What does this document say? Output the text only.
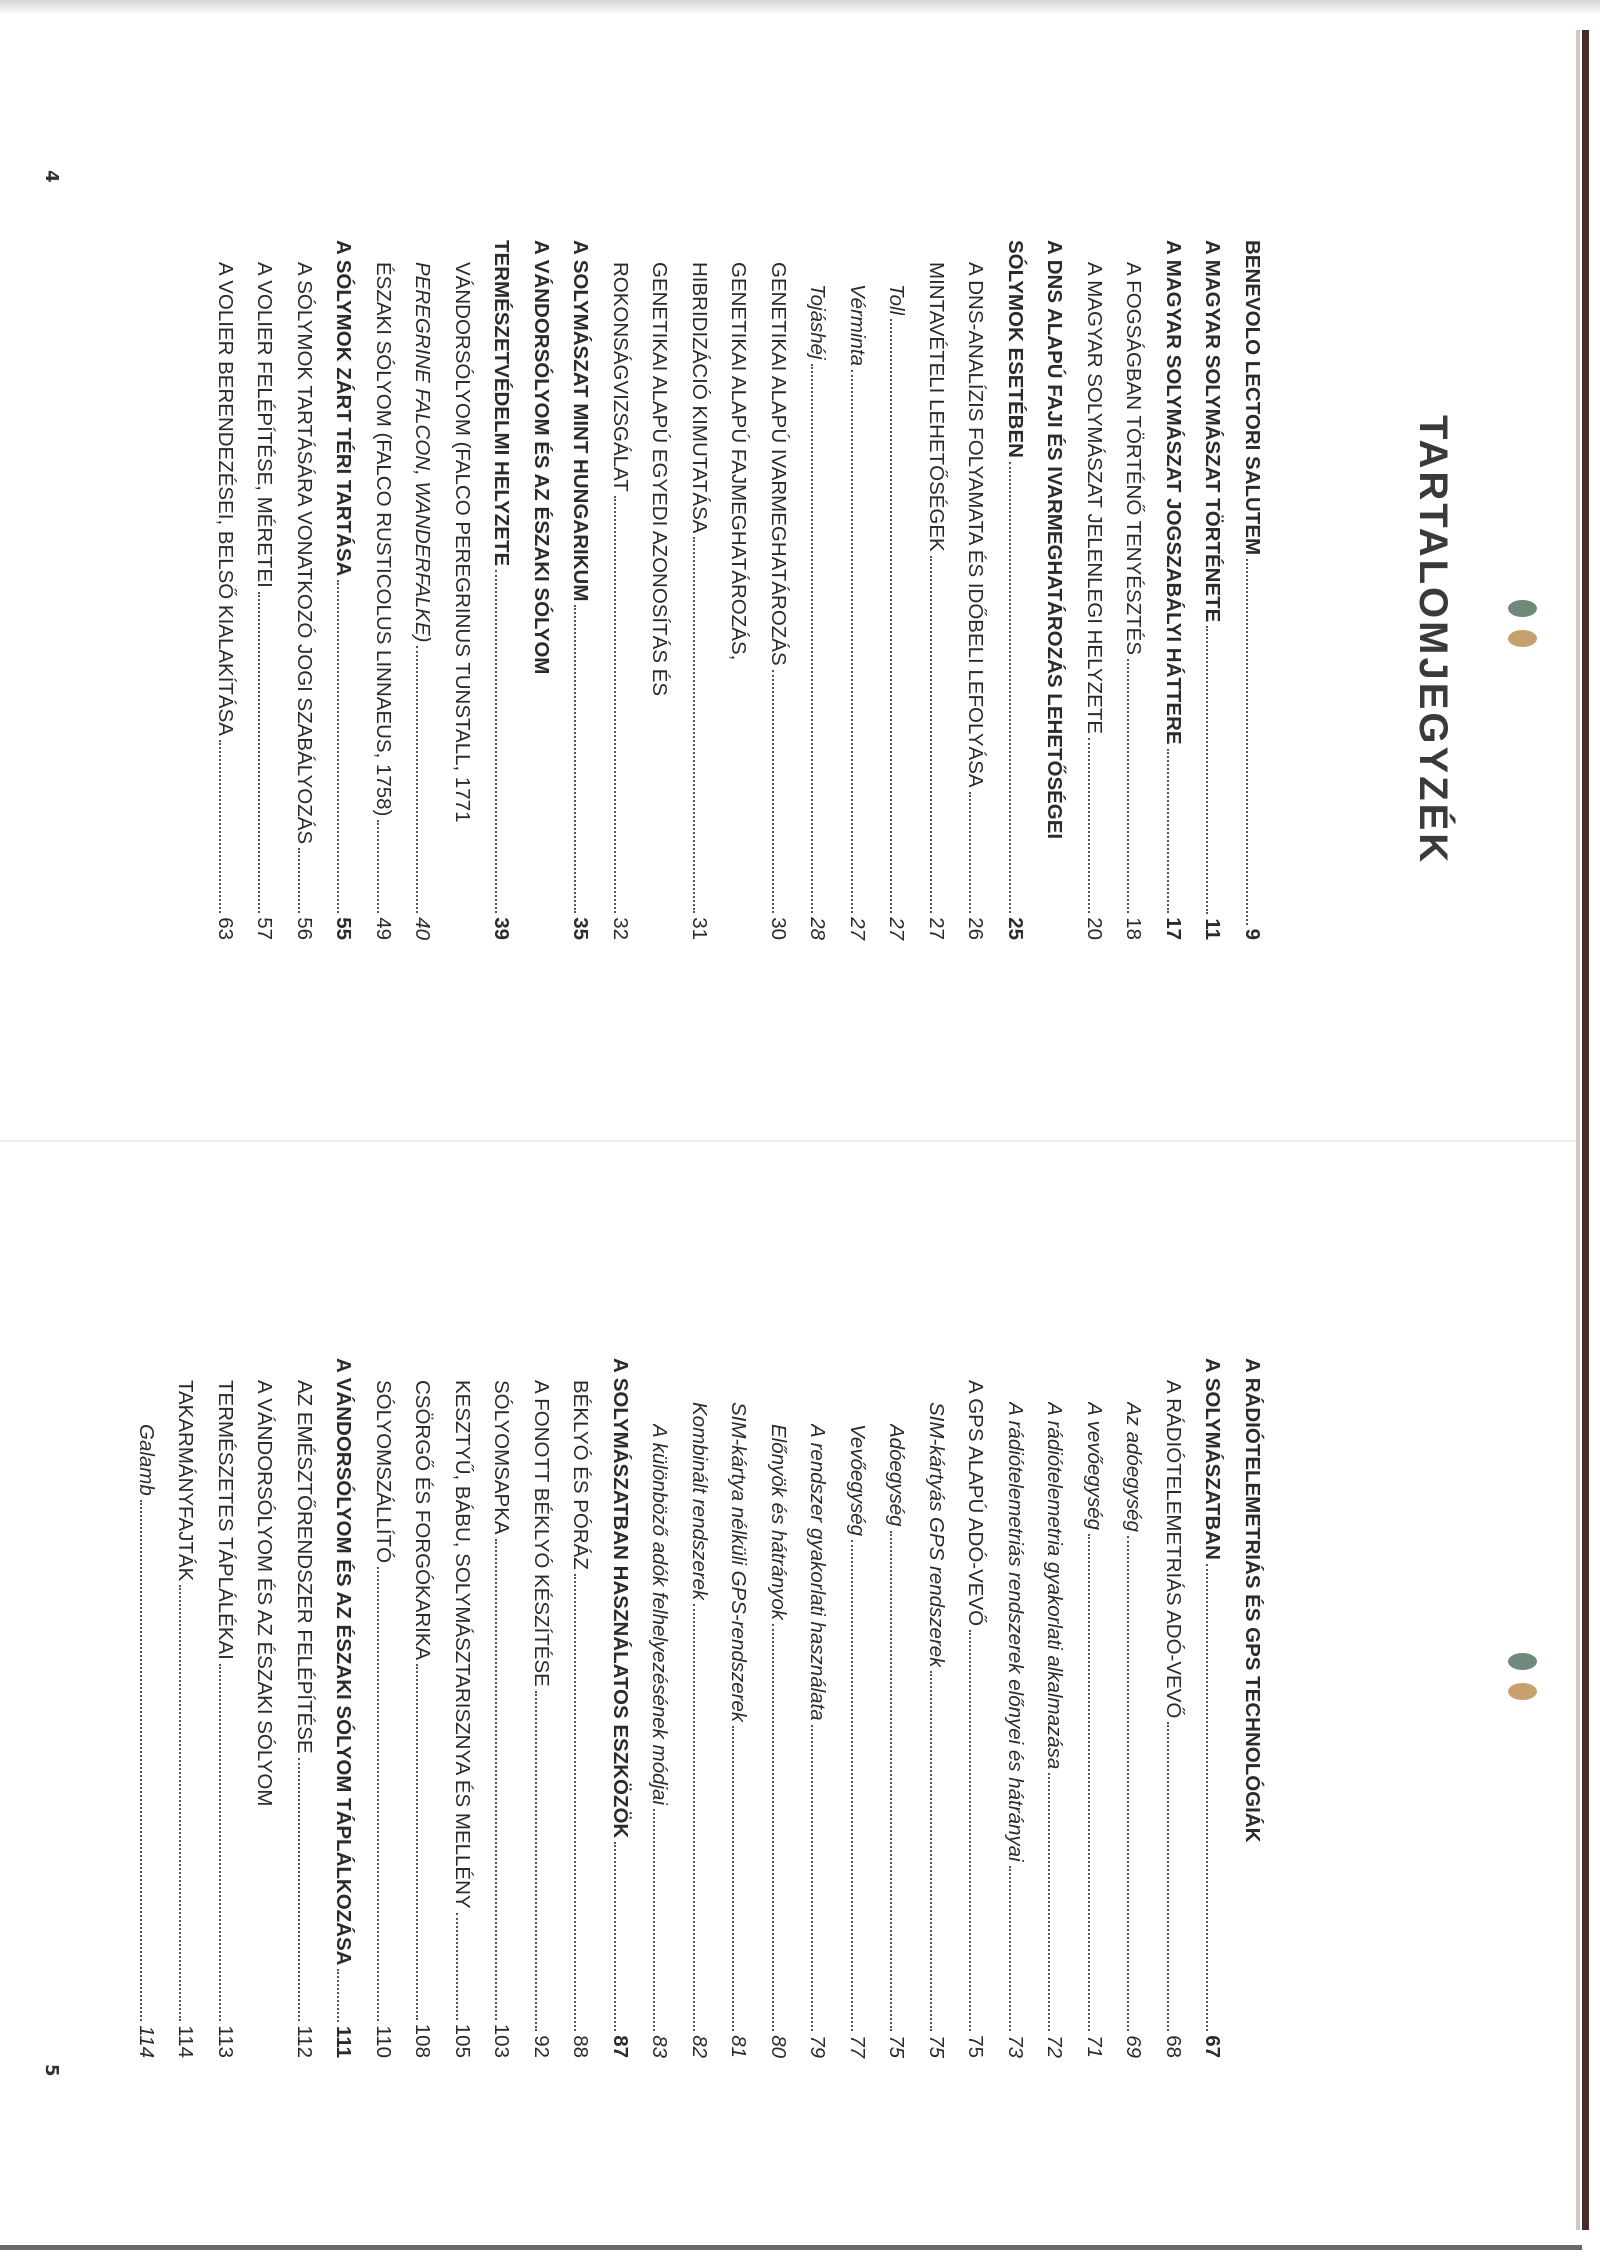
4
TARTALOMJEGYZÉK
BENEVOLO LECTORI SALUTEM
9
A MAGYAR SOLYMÁSZAT TÖRTÉNETE
11
A MAGYAR SOLYMÁSZAT JOGSZABÁLYI HÁTTERE
17
A FOGSÁGBAN TÖRTÉNŐ TENYÉSZTÉS
18
A MAGYAR SOLYMÁSZAT JELENLEGI HELYZETE
20
A DNS ALAPÚ FAJI ÉS IVARMEGHATÁROZÁS LEHETŐSÉGEI
SÓLYMOK ESETÉBEN
25
A DNS-ANALÍZIS FOLYAMATA ÉS IDŐBELI LEFOLYÁSA
26
MINTAVÉTELI LEHETŐSÉGEK
27
Toll
27
Vérminta
27
Tojáshéj
28
GENETIKAI ALAPÚ IVARMEGHATÁROZÁS
30
GENETIKAI ALAPÚ FAJMEGHATÁROZÁS,
HIBRIDIZÁCIÓ KIMUTATÁSA
31
GENETIKAI ALAPÚ EGYEDI AZONOSÍTÁS ÉS
ROKONSÁGVIZSGÁLAT
32
A SOLYMÁSZAT MINT HUNGARIKUM
35
A VÁNDORSÓLYOM ÉS AZ ÉSZAKI SÓLYOM
TERMÉSZETVÉDELMI HELYZETE
39
VÁNDORSÓLYOM (FALCO PEREGRINUS TUNSTALL, 1771
PEREGRINE FALCON, WANDERFALKE)
40
ÉSZAKI SÓLYOM (FALCO RUSTICOLUS LINNAEUS, 1758)
49
A SÓLYMOK ZÁRT TÉRI TARTÁSA
55
A SÓLYMOK TARTÁSÁRA VONATKOZÓ JOGI SZABÁLYOZÁS
56
A VOLIER FELÉPÍTÉSE, MÉRETEI
57
A VOLIER BERENDEZÉSEI, BELSŐ KIALAKÍTÁSA
63
5
A RÁDIÓTELEMETRIÁS ÉS GPS TECHNOLÓGIÁK
A SOLYMÁSZATBAN
67
A RÁDIÓTELEMETRIÁS ADÓ-VEVŐ
68
Az adóegység
69
A vevőegység
71
A rádiótelemetria gyakorlati alkalmazása
72
A rádiótelemetriás rendszerek előnyei és hátrányai
73
A GPS ALAPÚ ADÓ-VEVŐ
75
SIM-kártyás GPS rendszerek
75
Adóegység
75
Vevőegység
77
A rendszer gyakorlati használata
79
Előnyök és hátrányok
80
SIM-kártya nélküli GPS-rendszerek
81
Kombinált rendszerek
82
A különböző adók felhelyezésének módjai
83
A SOLYMÁSZATBAN HASZNÁLATOS ESZKÖZÖK
87
BÉKLYÓ ÉS PÓRÁZ
88
A FONOTT BÉKLYÓ KÉSZÍTÉSE
92
SÓLYOMSAPKA
103
KESZTYŰ, BÁBU, SOLYMÁSZTARISZNYA ÉS MELLÉNY
105
CSÖRGŐ ÉS FORGÓKARIKA
108
SÓLYOMSZÁLLÍTÓ
110
A VÁNDORSÓLYOM ÉS AZ ÉSZAKI SÓLYOM TÁPLÁLKOZÁSA
111
AZ EMÉSZTŐRENDSZER FELÉPÍTÉSE
112
A VÁNDORSÓLYOM ÉS AZ ÉSZAKI SÓLYOM
TERMÉSZETES TÁPLÁLÉKAI
113
TAKARMÁNYFAJTÁK
114
Galamb
114
